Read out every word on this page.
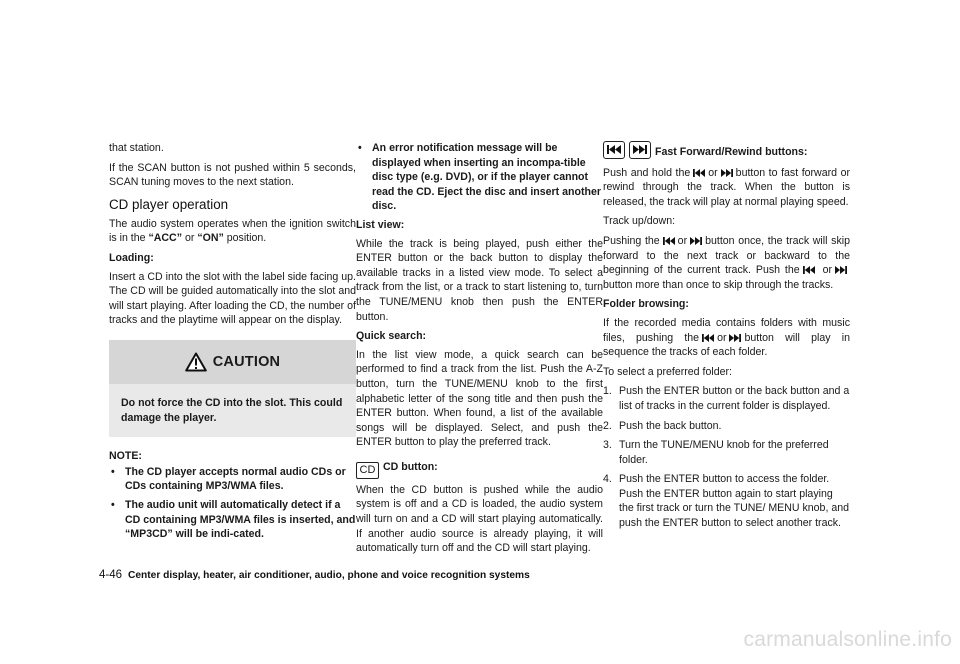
that station.

If the SCAN button is not pushed within 5 seconds, SCAN tuning moves to the next station.

CD player operation

The audio system operates when the ignition switch is in the “ACC” or “ON” position.

Loading:

Insert a CD into the slot with the label side facing up. The CD will be guided automatically into the slot and will start playing. After loading the CD, the number of tracks and the playtime will appear on the display.

CAUTION
Do not force the CD into the slot. This could damage the player.
NOTE:
• The CD player accepts normal audio CDs or CDs containing MP3/WMA files.
• The audio unit will automatically detect if a CD containing MP3/WMA files is inserted, and “MP3CD” will be indi-cated.
• An error notification message will be displayed when inserting an incompa-tible disc type (e.g. DVD), or if the player cannot read the CD. Eject the disc and insert another disc.
List view:

While the track is being played, push either the ENTER button or the back button to display the available tracks in a listed view mode. To select a track from the list, or a track to start listening to, turn the TUNE/MENU knob then push the ENTER button.

Quick search:

In the list view mode, a quick search can be performed to find a track from the list. Push the A-Z button, turn the TUNE/MENU knob to the first alphabetic letter of the song title and then push the ENTER button. When found, a list of the available songs will be displayed. Select, and push the ENTER button to play the preferred track.

CD CD button:

When the CD button is pushed while the audio system is off and a CD is loaded, the audio system will turn on and a CD will start playing automatically. If another audio source is already playing, it will automatically turn off and the CD will start playing.

Fast Forward/Rewind buttons:

Push and hold the or button to fast forward or rewind through the track. When the button is released, the track will play at normal playing speed.

Track up/down:

Pushing the or button once, the track will skip forward to the next track or backward to the beginning of the current track. Push the orbutton more than once to skip through the tracks.

Folder browsing:

If the recorded media contains folders with music files, pushing the or button will play in sequence the tracks of each folder.

To select a preferred folder:

1. Push the ENTER button or the back button and a list of tracks in the current folder is displayed.
2. Push the back button.
3. Turn the TUNE/MENU knob for the preferred folder.
4. Push the ENTER button to access the folder. Push the ENTER button again to start playing the first track or turn the TUNE/ MENU knob, and push the ENTER button to select another track.
4-46 Center display, heater, air conditioner, audio, phone and voice recognition systems
carmanualsonline.info
